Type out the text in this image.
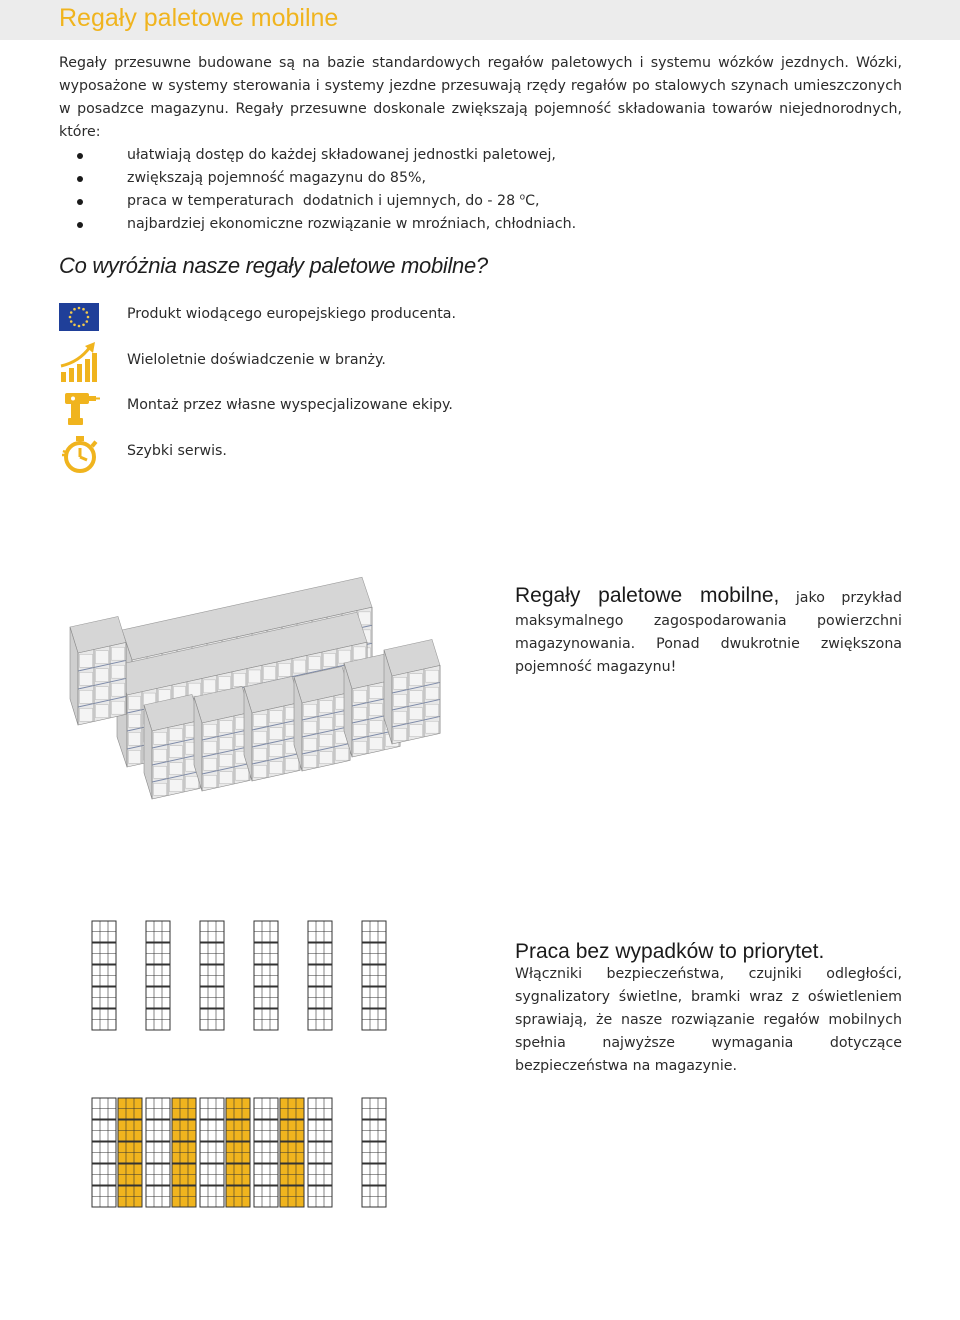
Regały paletowe mobilne

Regały przesuwne budowane są na bazie standardowych regałów paletowych i systemu wózków jezdnych. Wózki, wyposażone w systemy sterowania i systemy jezdne przesuwają rzędy regałów po stalowych szynach umieszczonych w posadzce magazynu. Regały przesuwne doskonale zwiększają pojemność składowania towarów niejednorodnych, które:

ułatwiają dostęp do każdej składowanej jednostki paletowej,
zwiększają pojemność magazynu do 85%,
praca w temperaturach  dodatnich i ujemnych, do - 28 $^o$C,
najbardziej ekonomiczne rozwiązanie w mroźniach, chłodniach.
Co wyróżnia nasze regały paletowe mobilne?
Produkt wiodącego europejskiego producenta.
Wieloletnie doświadczenie w branży.
Montaż przez własne wyspecjalizowane ekipy.
Szybki serwis.

Regały paletowe mobilne, jako przykład maksymalnego zagospodarowania powierzchni magazynowania. Ponad dwukrotnie zwiększona pojemność magazynu!

Praca bez wypadków to priorytet.
Włączniki bezpieczeństwa, czujniki odległości, sygnalizatory świetlne, bramki wraz z oświetleniem sprawiają, że nasze rozwiązanie regałów mobilnych spełnia najwyższe wymagania dotyczące bezpieczeństwa na magazynie.
